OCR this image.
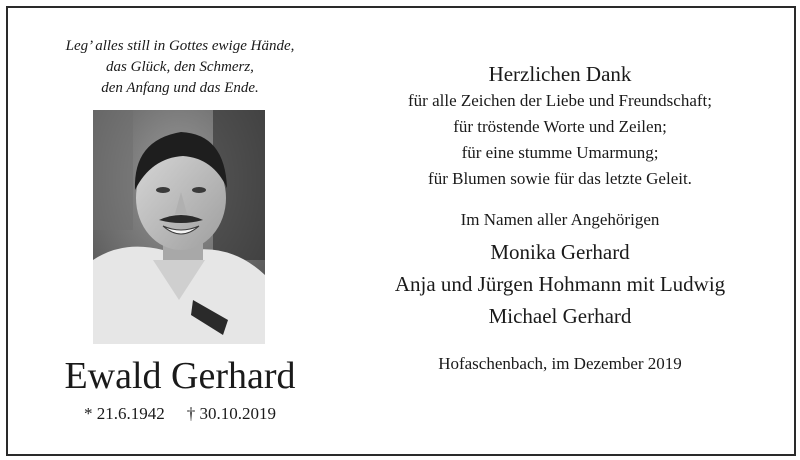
Leg’ alles still in Gottes ewige Hände,
das Glück, den Schmerz,
den Anfang und das Ende.
Ewald Gerhard
* 21.6.1942 † 30.10.2019
Herzlichen Dank
für alle Zeichen der Liebe und Freundschaft;
für tröstende Worte und Zeilen;
für eine stumme Umarmung;
für Blumen sowie für das letzte Geleit.
Im Namen aller Angehörigen
Monika Gerhard
Anja und Jürgen Hohmann mit Ludwig
Michael Gerhard
Hofaschenbach, im Dezember 2019
